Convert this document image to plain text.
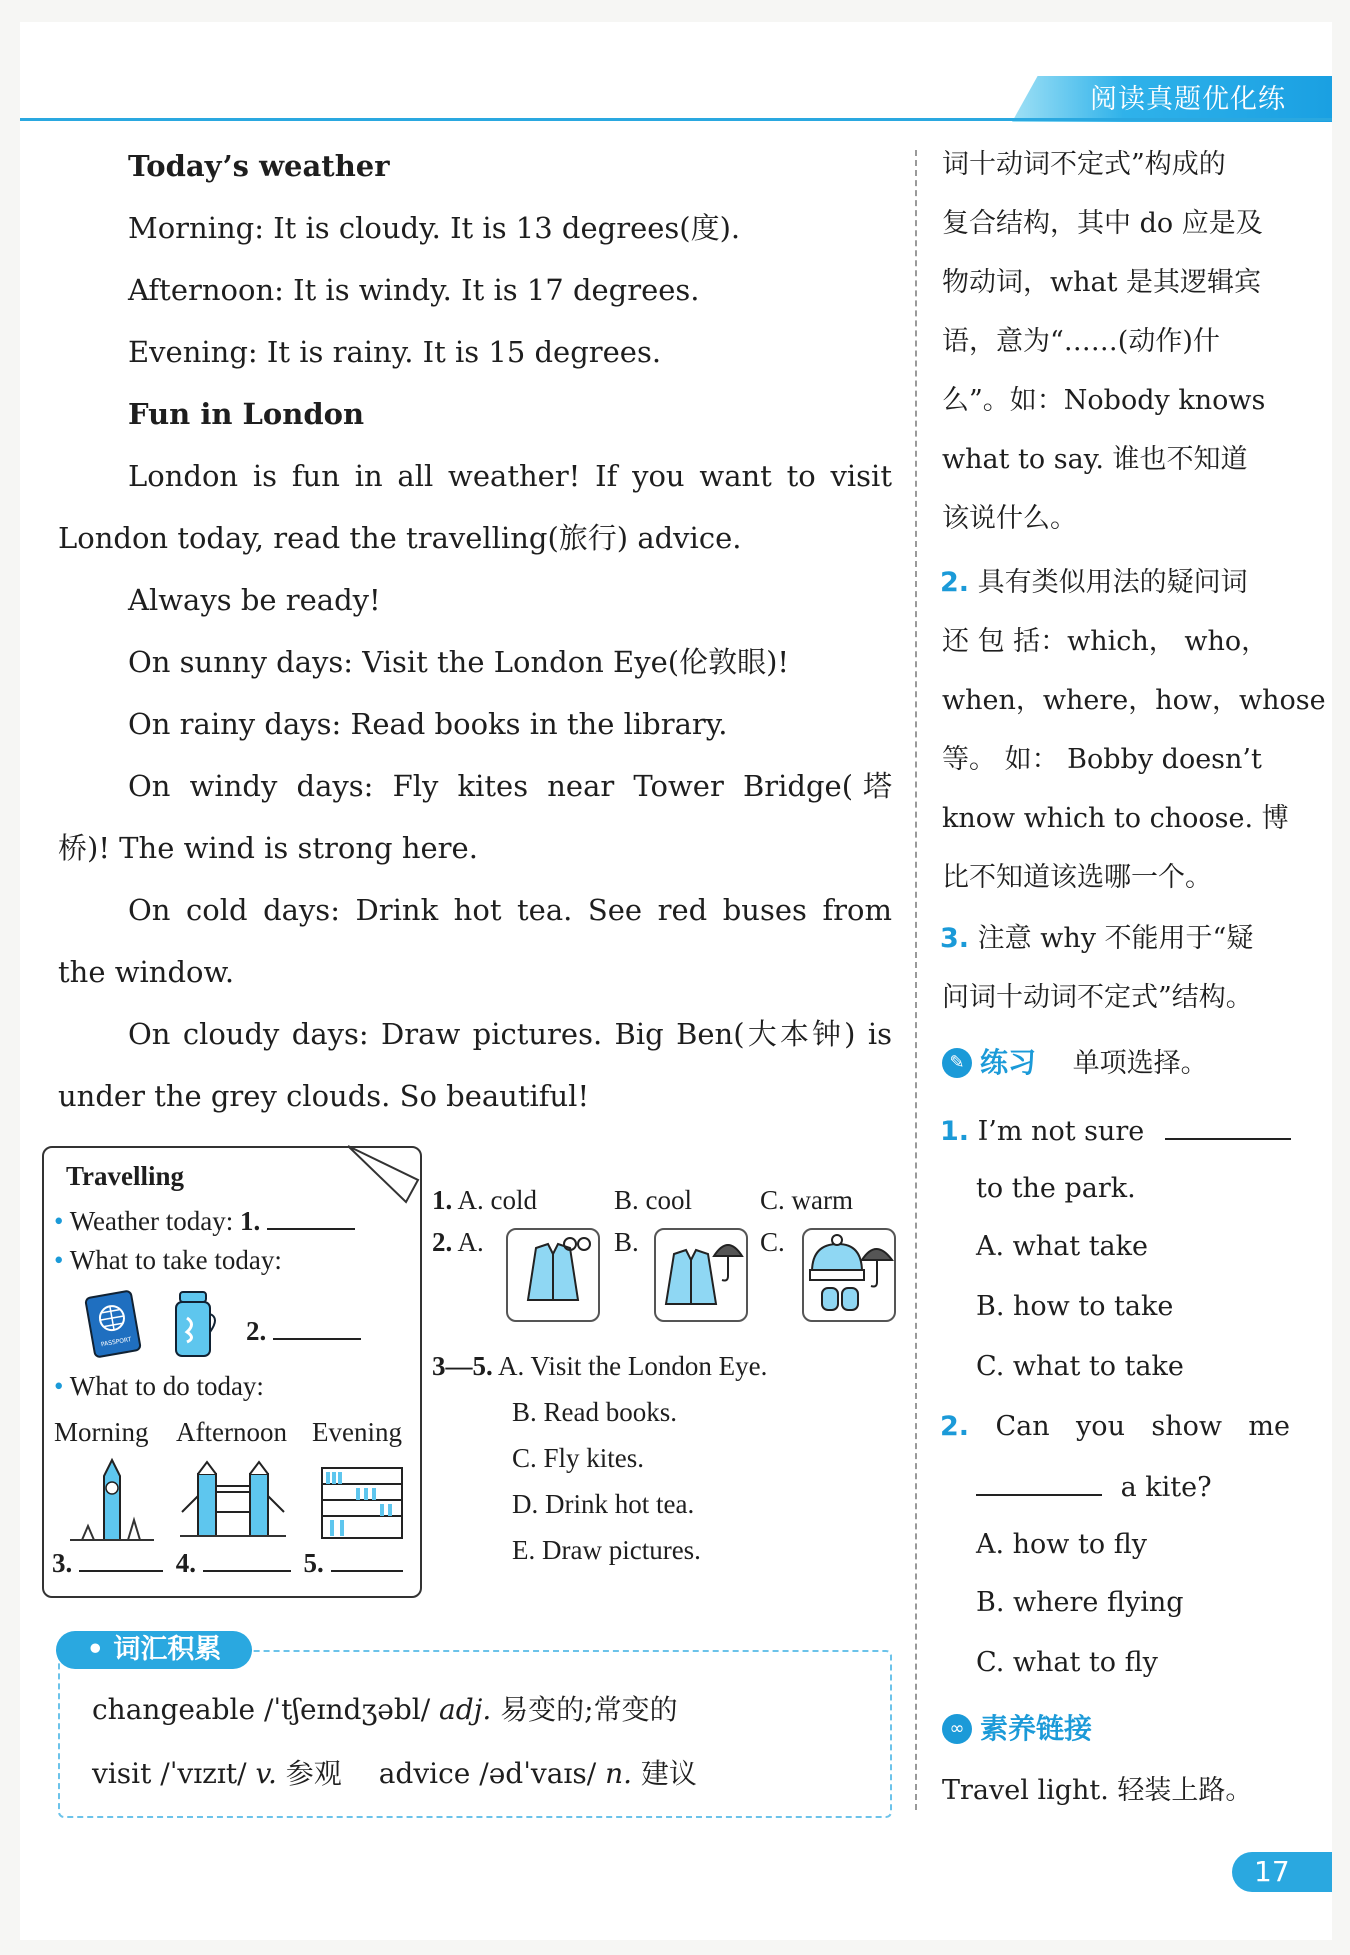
阅读真题优化练
Today’s weather
Morning: It is cloudy. It is 13 degrees(度).
Afternoon: It is windy. It is 17 degrees.
Evening: It is rainy. It is 15 degrees.
Fun in London
London is fun in all weather! If you want to visit
London today, read the travelling(旅行) advice.
Always be ready!
On sunny days: Visit the London Eye(伦敦眼)!
On rainy days: Read books in the library.
On windy days: Fly kites near Tower Bridge(塔
桥)! The wind is strong here.
On cold days: Drink hot tea. See red buses from
the window.
On cloudy days: Draw pictures. Big Ben(大本钟) is
under the grey clouds. So beautiful!
Travelling
• Weather today: 1.
• What to take today:
PASSPORT	2.
• What to do today:
Morning Afternoon Evening
3.	4.	5.
1. A. cold	B. cool	C. warm
2. A.	B.	C.
3—5. A. Visit the London Eye.
B. Read books.
C. Fly kites.
D. Drink hot tea.
E. Draw pictures.
• 词汇积累
changeable /ˈtʃeɪndʒəbl/ adj. 易变的;常变的
visit /ˈvɪzɪt/ v. 参观 advice /ədˈvaɪs/ n. 建议
词十动词不定式”构成的
复合结构，其中 do 应是及
物动词，what 是其逻辑宾
语，意为“……(动作)什
么”。如：Nobody knows
what to say. 谁也不知道
该说什么。
2. 具有类似用法的疑问词
还 包 括：which， who，
when，where，how，whose
等。 如： Bobby doesn’t
know which to choose. 博
比不知道该选哪一个。
3. 注意 why 不能用于“疑
问词十动词不定式”结构。
✎ 练习 单项选择。
1. I’m not sure
to the park.
A. what take
B. how to take
C. what to take
2. Can you show me
a kite?
A. how to fly
B. where flying
C. what to fly
∞ 素养链接
Travel light. 轻装上路。
17
